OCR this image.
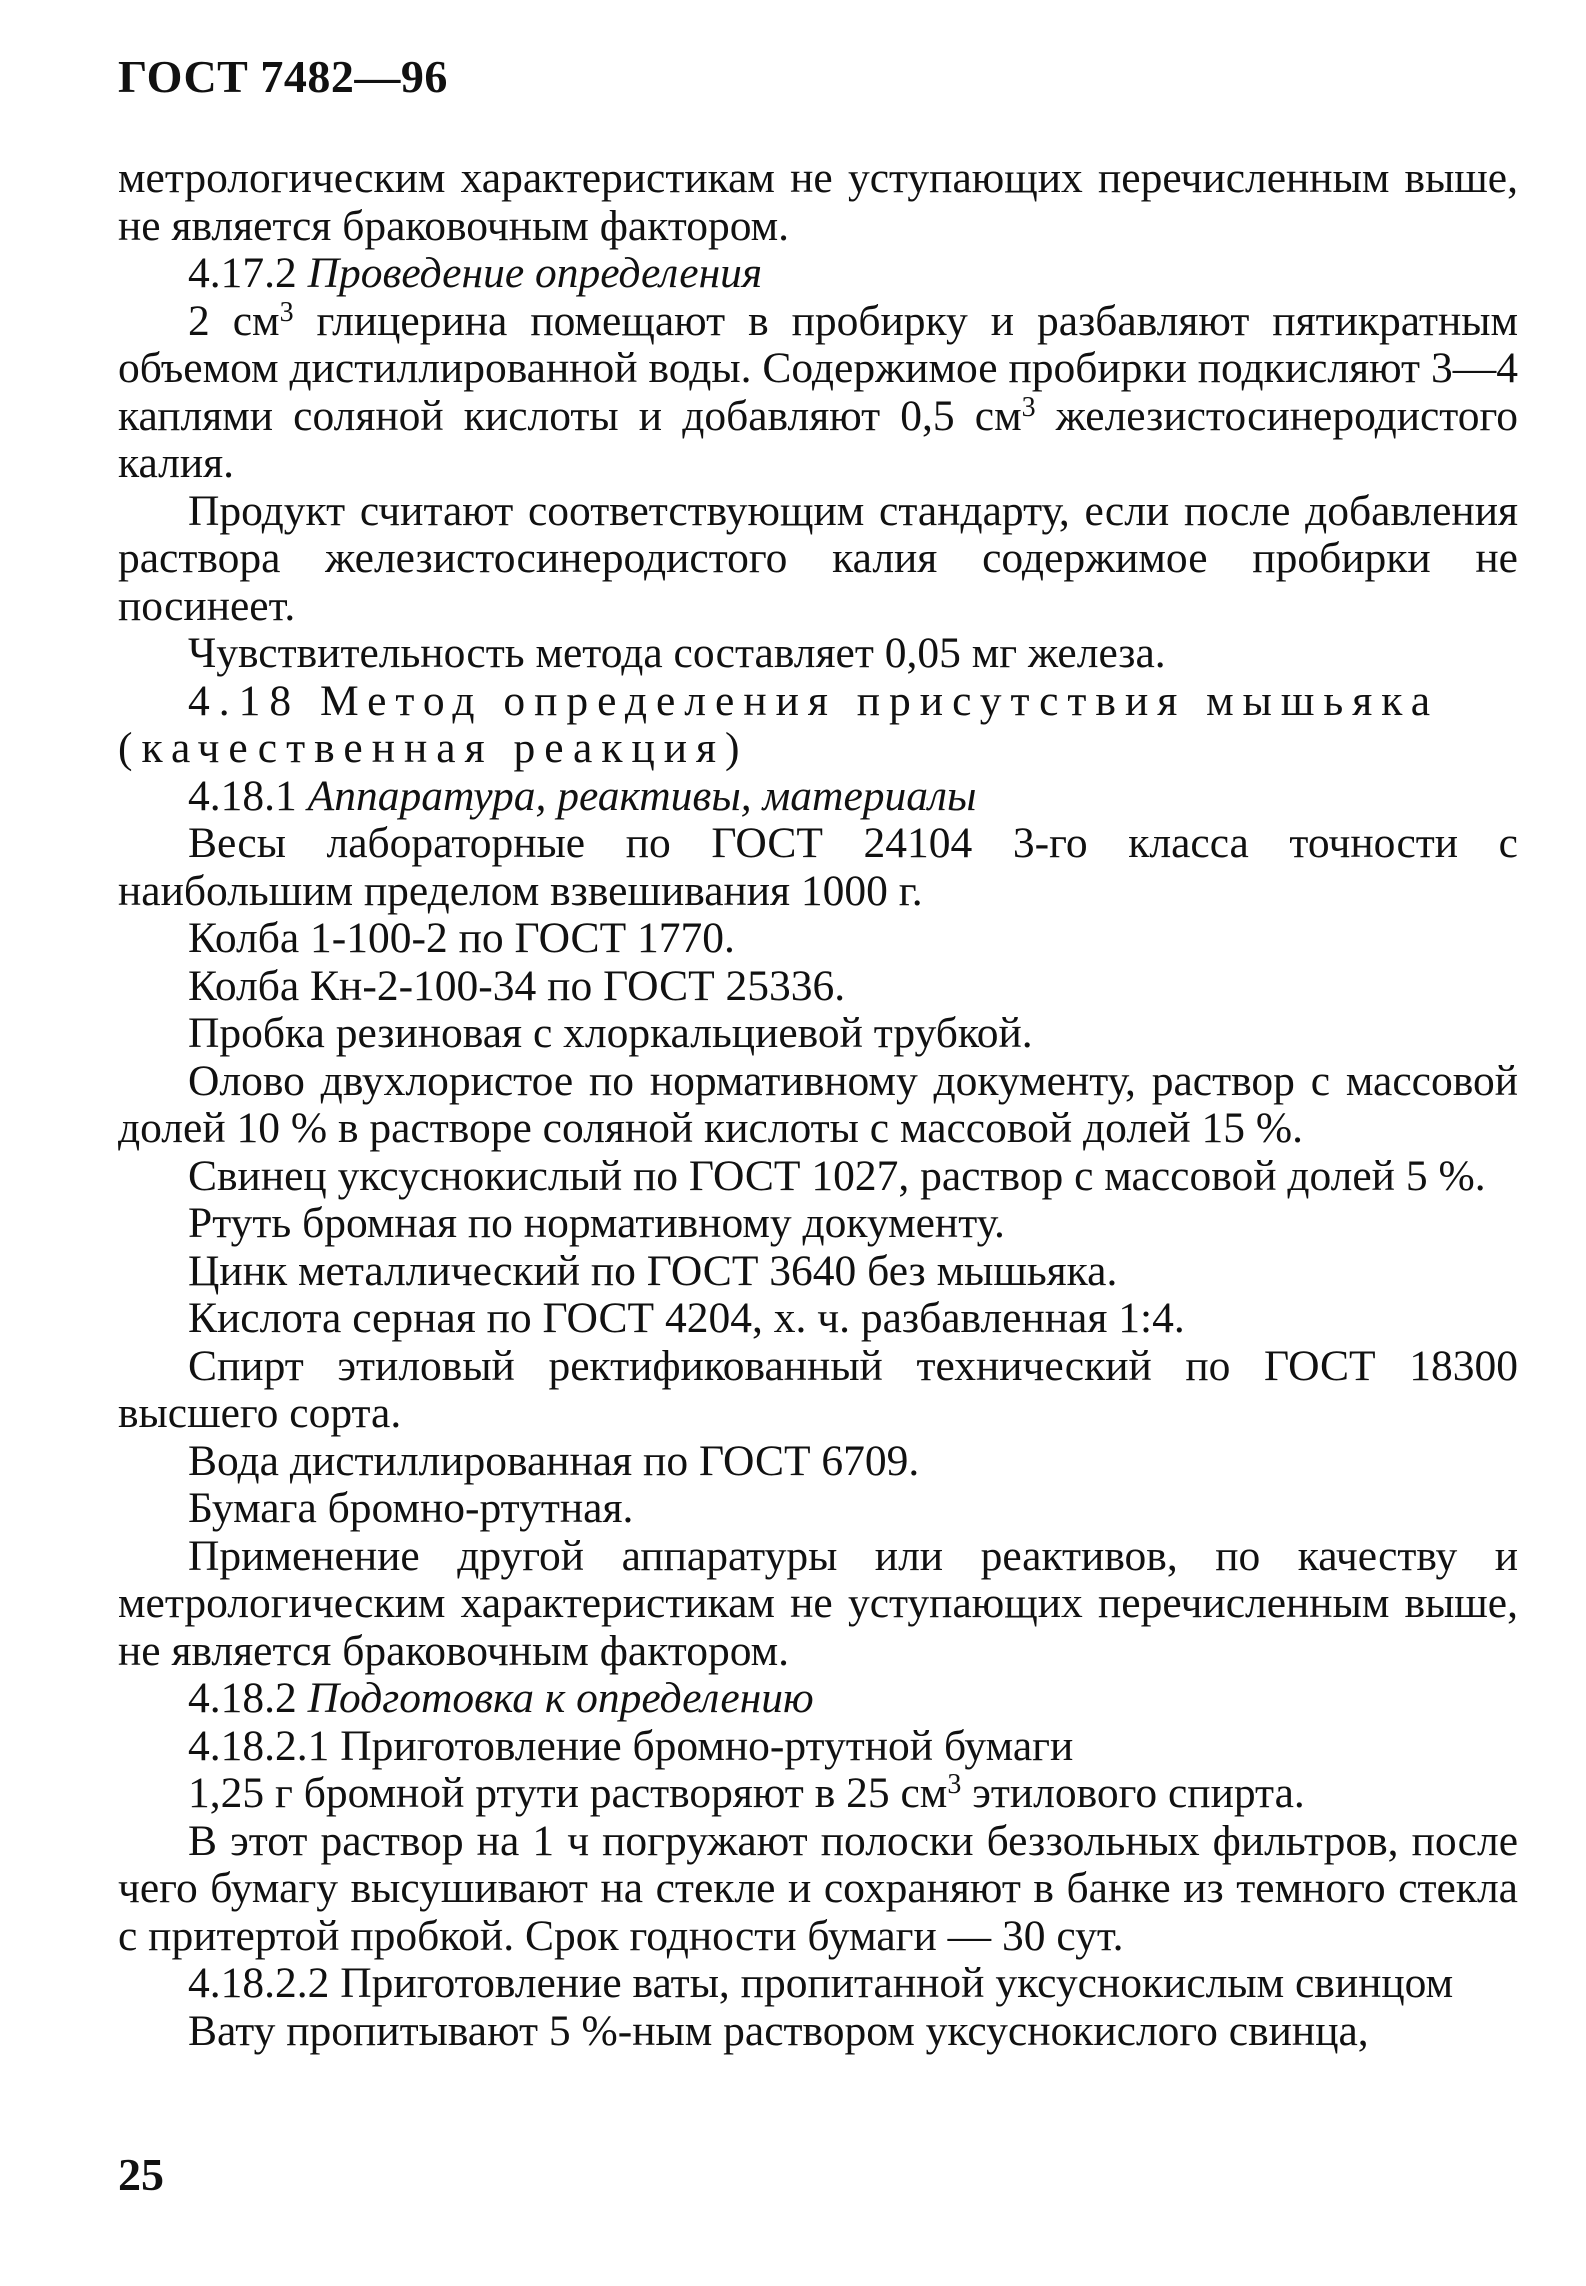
ГОСТ 7482—96

метрологическим характеристикам не уступающих перечисленным выше, не является браковочным фактором.

4.17.2 Проведение определения

2 $см^3$ глицерина помещают в пробирку и разбавляют пятикратным объемом дистиллированной воды. Содержимое пробирки подкисляют 3—4 каплями соляной кислоты и добавляют 0,5 $см^3$ железистосинеродистого калия.

Продукт считают соответствующим стандарту, если после добавления раствора железистосинеродистого калия содержимое пробирки не посинеет.

Чувствительность метода составляет 0,05 мг железа.

4.18 Метод определения присутствия мышьяка

(качественная реакция)

4.18.1 Аппаратура, реактивы, материалы

Весы лабораторные по ГОСТ 24104 3-го класса точности с наибольшим пределом взвешивания 1000 г.

Колба 1-100-2 по ГОСТ 1770.

Колба Кн-2-100-34 по ГОСТ 25336.

Пробка резиновая с хлоркальциевой трубкой.

Олово двухлористое по нормативному документу, раствор с массовой долей 10 % в растворе соляной кислоты с массовой долей 15 %.

Свинец уксуснокислый по ГОСТ 1027, раствор с массовой долей 5 %.

Ртуть бромная по нормативному документу.

Цинк металлический по ГОСТ 3640 без мышьяка.

Кислота серная по ГОСТ 4204, х. ч. разбавленная 1:4.

Спирт этиловый ректификованный технический по ГОСТ 18300 высшего сорта.

Вода дистиллированная по ГОСТ 6709.

Бумага бромно-ртутная.

Применение другой аппаратуры или реактивов, по качеству и метрологическим характеристикам не уступающих перечисленным выше, не является браковочным фактором.

4.18.2 Подготовка к определению

4.18.2.1 Приготовление бромно-ртутной бумаги

1,25 г бромной ртути растворяют в 25 $см^3$ этилового спирта.

В этот раствор на 1 ч погружают полоски беззольных фильтров, после чего бумагу высушивают на стекле и сохраняют в банке из темного стекла с притертой пробкой. Срок годности бумаги — 30 сут.

4.18.2.2 Приготовление ваты, пропитанной уксуснокислым свинцом

Вату пропитывают 5 %-ным раствором уксуснокислого свинца,

25
